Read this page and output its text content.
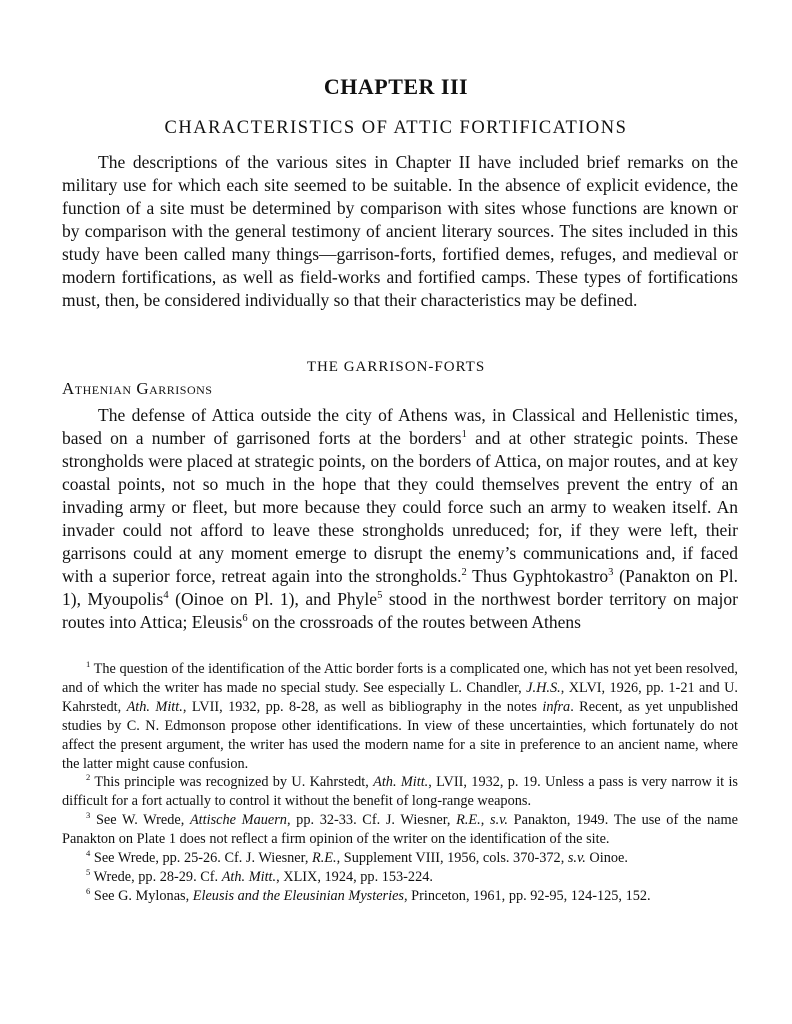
CHAPTER III
CHARACTERISTICS OF ATTIC FORTIFICATIONS

The descriptions of the various sites in Chapter II have included brief remarks on the military use for which each site seemed to be suitable. In the absence of explicit evidence, the function of a site must be determined by comparison with sites whose functions are known or by comparison with the general testimony of ancient literary sources. The sites included in this study have been called many things—garrison-forts, fortified demes, refuges, and medieval or modern fortifications, as well as field-works and fortified camps. These types of fortifications must, then, be considered individually so that their characteristics may be defined.

THE GARRISON-FORTS
Athenian Garrisons

The defense of Attica outside the city of Athens was, in Classical and Hellenistic times, based on a number of garrisoned forts at the borders$^1$ and at other strategic points. These strongholds were placed at strategic points, on the borders of Attica, on major routes, and at key coastal points, not so much in the hope that they could themselves prevent the entry of an invading army or fleet, but more because they could force such an army to weaken itself. An invader could not afford to leave these strongholds unreduced; for, if they were left, their garrisons could at any moment emerge to disrupt the enemy’s communications and, if faced with a superior force, retreat again into the strongholds.$^2$ Thus Gyphtokastro$^3$ (Panakton on Pl. 1), Myoupolis$^4$ (Oinoe on Pl. 1), and Phyle$^5$ stood in the northwest border territory on major routes into Attica; Eleusis$^6$ on the crossroads of the routes between Athens

$^1$ The question of the identification of the Attic border forts is a complicated one, which has not yet been resolved, and of which the writer has made no special study. See especially L. Chandler, J.H.S., XLVI, 1926, pp. 1-21 and U. Kahrstedt, Ath. Mitt., LVII, 1932, pp. 8-28, as well as bibliography in the notes infra. Recent, as yet unpublished studies by C. N. Edmonson propose other identifications. In view of these uncertainties, which fortunately do not affect the present argument, the writer has used the modern name for a site in preference to an ancient name, where the latter might cause confusion.

$^2$ This principle was recognized by U. Kahrstedt, Ath. Mitt., LVII, 1932, p. 19. Unless a pass is very narrow it is difficult for a fort actually to control it without the benefit of long-range weapons.

$^3$ See W. Wrede, Attische Mauern, pp. 32-33. Cf. J. Wiesner, R.E., s.v. Panakton, 1949. The use of the name Panakton on Plate 1 does not reflect a firm opinion of the writer on the identification of the site.

$^4$ See Wrede, pp. 25-26. Cf. J. Wiesner, R.E., Supplement VIII, 1956, cols. 370-372, s.v. Oinoe.

$^5$ Wrede, pp. 28-29. Cf. Ath. Mitt., XLIX, 1924, pp. 153-224.

$^6$ See G. Mylonas, Eleusis and the Eleusinian Mysteries, Princeton, 1961, pp. 92-95, 124-125, 152.
